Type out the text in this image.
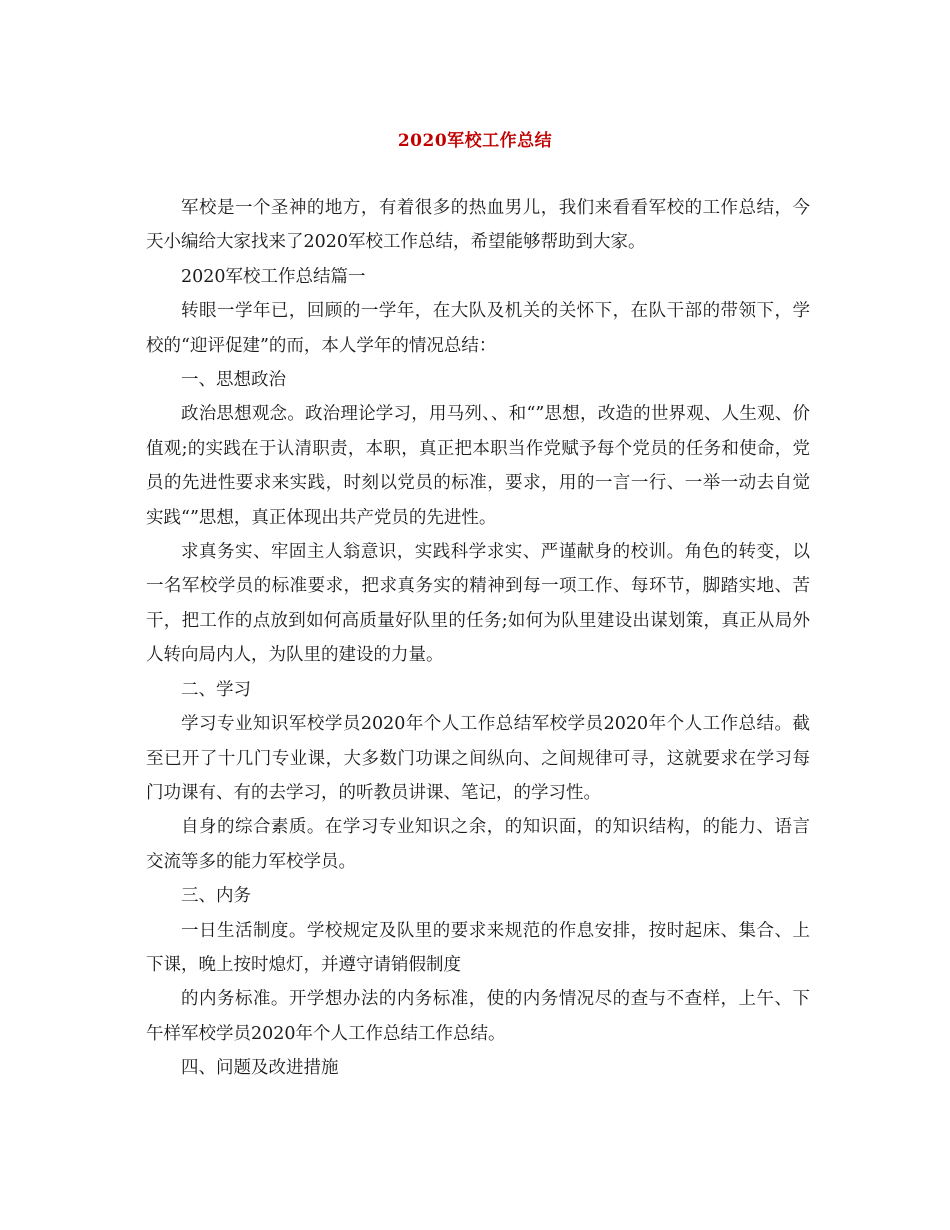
2020军校工作总结

军校是一个圣神的地方，有着很多的热血男儿，我们来看看军校的工作总结，今天小编给大家找来了2020军校工作总结，希望能够帮助到大家。

2020军校工作总结篇一

转眼一学年已，回顾的一学年，在大队及机关的关怀下，在队干部的带领下，学校的“迎评促建”的而，本人学年的情况总结：

一、思想政治

政治思想观念。政治理论学习，用马列、、和“”思想，改造的世界观、人生观、价值观;的实践在于认清职责，本职，真正把本职当作党赋予每个党员的任务和使命，党员的先进性要求来实践，时刻以党员的标准，要求，用的一言一行、一举一动去自觉实践“”思想，真正体现出共产党员的先进性。

求真务实、牢固主人翁意识，实践科学求实、严谨献身的校训。角色的转变，以一名军校学员的标准要求，把求真务实的精神到每一项工作、每环节，脚踏实地、苦干，把工作的点放到如何高质量好队里的任务;如何为队里建设出谋划策，真正从局外人转向局内人，为队里的建设的力量。

二、学习

学习专业知识军校学员2020年个人工作总结军校学员2020年个人工作总结。截至已开了十几门专业课，大多数门功课之间纵向、之间规律可寻，这就要求在学习每门功课有、有的去学习，的听教员讲课、笔记，的学习性。

自身的综合素质。在学习专业知识之余，的知识面，的知识结构，的能力、语言交流等多的能力军校学员。

三、内务

一日生活制度。学校规定及队里的要求来规范的作息安排，按时起床、集合、上下课，晚上按时熄灯，并遵守请销假制度

的内务标准。开学想办法的内务标准，使的内务情况尽的查与不查样，上午、下午样军校学员2020年个人工作总结工作总结。

四、问题及改进措施
